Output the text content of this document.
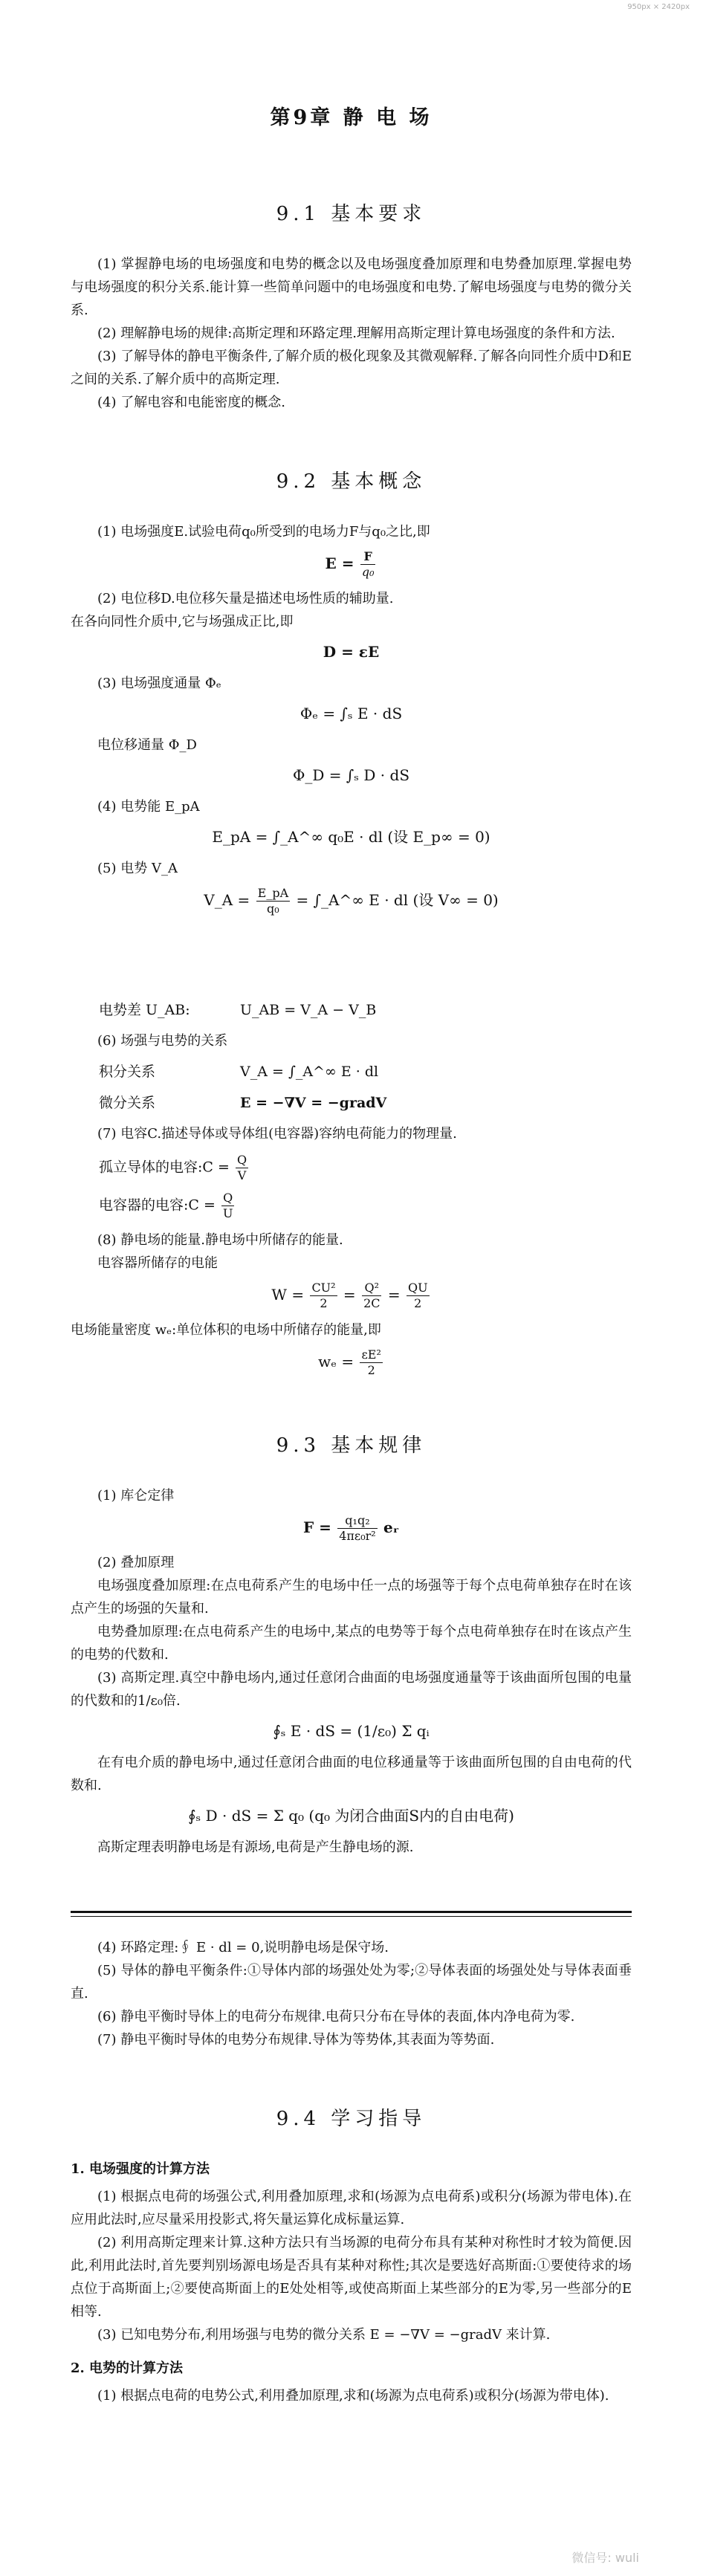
950px × 2420px
第9章 静 电 场
9.1 基本要求

(1) 掌握静电场的电场强度和电势的概念以及电场强度叠加原理和电势叠加原理.掌握电势与电场强度的积分关系.能计算一些简单问题中的电场强度和电势.了解电场强度与电势的微分关系.

(2) 理解静电场的规律:高斯定理和环路定理.理解用高斯定理计算电场强度的条件和方法.

(3) 了解导体的静电平衡条件,了解介质的极化现象及其微观解释.了解各向同性介质中D和E之间的关系.了解介质中的高斯定理.

(4) 了解电容和电能密度的概念.

9.2 基本概念

(1) 电场强度E.试验电荷q₀所受到的电场力F与q₀之比,即

$E = \frac{F}{\text{q₀}}$

(2) 电位移D.电位移矢量是描述电场性质的辅助量.

在各向同性介质中,它与场强成正比,即

D = εE

(3) 电场强度通量 Φₑ

Φₑ = ∫ₛ E · dS

电位移通量 Φ_D

Φ_D = ∫ₛ D · dS

(4) 电势能 E_pA

E_pA = ∫_A^∞ q₀E · dl (设 E_p∞ = 0)

(5) 电势 V_A

V_A = $\frac{E\_pA}{\text{q₀}}$ = ∫_A^∞ E · dl (设 V∞ = 0)

电势差 U_AB:	U_AB = V_A − V_B

(6) 场强与电势的关系

积分关系	V_A = ∫_A^∞ E · dl

微分关系	E = −∇V = −gradV

(7) 电容C.描述导体或导体组(电容器)容纳电荷能力的物理量.

孤立导体的电容:C = $\frac{Q}{V}$

电容器的电容:C = $\frac{Q}{U}$

(8) 静电场的能量.静电场中所储存的能量.

电容器所储存的电能

$W = \frac{\text{CU²}}{2} = \frac{\text{Q²}}{2C} = \frac{QU}{2}$

电场能量密度 wₑ:单位体积的电场中所储存的能量,即

$w_e = \frac{\text{εE²}}{2}$
9.3 基本规律

(1) 库仑定律

$F = \frac{\text{q₁q₂}}{\text{4πε₀r²}}$ eᵣ

(2) 叠加原理

电场强度叠加原理:在点电荷系产生的电场中任一点的场强等于每个点电荷单独存在时在该点产生的场强的矢量和.

电势叠加原理:在点电荷系产生的电场中,某点的电势等于每个点电荷单独存在时在该点产生的电势的代数和.

(3) 高斯定理.真空中静电场内,通过任意闭合曲面的电场强度通量等于该曲面所包围的电量的代数和的1/ε₀倍.

∮ₛ E · dS = (1/ε₀) Σ qᵢ

在有电介质的静电场中,通过任意闭合曲面的电位移通量等于该曲面所包围的自由电荷的代数和.

∮ₛ D · dS = Σ q₀ (q₀ 为闭合曲面S内的自由电荷)

高斯定理表明静电场是有源场,电荷是产生静电场的源.

(4) 环路定理:∮ E · dl = 0,说明静电场是保守场.

(5) 导体的静电平衡条件:①导体内部的场强处处为零;②导体表面的场强处处与导体表面垂直.

(6) 静电平衡时导体上的电荷分布规律.电荷只分布在导体的表面,体内净电荷为零.

(7) 静电平衡时导体的电势分布规律.导体为等势体,其表面为等势面.

9.4 学习指导

1. 电场强度的计算方法

(1) 根据点电荷的场强公式,利用叠加原理,求和(场源为点电荷系)或积分(场源为带电体).在应用此法时,应尽量采用投影式,将矢量运算化成标量运算.

(2) 利用高斯定理来计算.这种方法只有当场源的电荷分布具有某种对称性时才较为简便.因此,利用此法时,首先要判别场源电场是否具有某种对称性;其次是要选好高斯面:①要使待求的场点位于高斯面上;②要使高斯面上的E处处相等,或使高斯面上某些部分的E为零,另一些部分的E相等.

(3) 已知电势分布,利用场强与电势的微分关系 E = −∇V = −gradV 来计算.

2. 电势的计算方法

(1) 根据点电荷的电势公式,利用叠加原理,求和(场源为点电荷系)或积分(场源为带电体).

微信号: wuli
